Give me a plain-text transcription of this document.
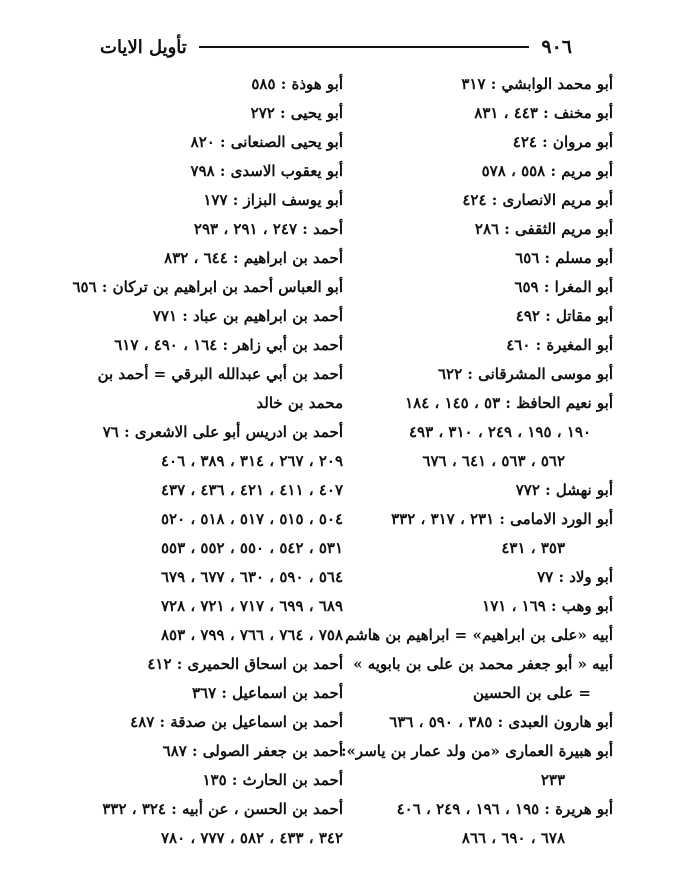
٩٠٦
تأويل الايات
أبو محمد الوابشي : ٣١٧
أبو مخنف : ٤٤٣ ، ٨٣١
أبو مروان : ٤٢٤
أبو مريم : ٥٥٨ ، ٥٧٨
أبو مريم الانصارى : ٤٢٤
أبو مريم الثقفى : ٢٨٦
أبو مسلم : ٦٥٦
أبو المغرا : ٦٥٩
أبو مقاتل : ٤٩٢
أبو المغيرة : ٤٦٠
أبو موسى المشرقانى : ٦٢٢
أبو نعيم الحافظ : ٥٣ ، ١٤٥ ، ١٨٤
١٩٠ ، ١٩٥ ، ٢٤٩ ، ٣١٠ ، ٤٩٣
٥٦٢ ، ٥٦٣ ، ٦٤١ ، ٦٧٦
أبو نهشل : ٧٧٢
أبو الورد الامامى : ٢٣١ ، ٣١٧ ، ٣٣٢
٣٥٣ ، ٤٣١
أبو ولاد : ٧٧
أبو وهب : ١٦٩ ، ١٧١
أبيه «على بن ابراهيم» = ابراهيم بن هاشم
أبيه « أبو جعفر محمد بن على بن بابويه »
= على بن الحسين
أبو هارون العبدى : ٣٨٥ ، ٥٩٠ ، ٦٣٦
أبو هبيرة العمارى «من ولد عمار بن ياسر»:
٢٣٣
أبو هريرة : ١٩٥ ، ١٩٦ ، ٢٤٩ ، ٤٠٦
٦٧٨ ، ٦٩٠ ، ٨٦٦
أبو هوذة : ٥٨٥
أبو يحيى : ٢٧٢
أبو يحيى الصنعانى : ٨٢٠
أبو يعقوب الاسدى : ٧٩٨
أبو يوسف البزاز : ١٧٧
أحمد : ٢٤٧ ، ٢٩١ ، ٢٩٣
أحمد بن ابراهيم : ٦٤٤ ، ٨٣٢
أبو العباس أحمد بن ابراهيم بن تركان : ٦٥٦
أحمد بن ابراهيم بن عباد : ٧٧١
أحمد بن أبي زاهر : ١٦٤ ، ٤٩٠ ، ٦١٧
أحمد بن أبي عبدالله البرقي = أحمد بن
محمد بن خالد
أحمد بن ادريس أبو على الاشعرى : ٧٦
٢٠٩ ، ٢٦٧ ، ٣١٤ ، ٣٨٩ ، ٤٠٦
٤٠٧ ، ٤١١ ، ٤٢١ ، ٤٣٦ ، ٤٣٧
٥٠٤ ، ٥١٥ ، ٥١٧ ، ٥١٨ ، ٥٢٠
٥٣١ ، ٥٤٢ ، ٥٥٠ ، ٥٥٢ ، ٥٥٣
٥٦٤ ، ٥٩٠ ، ٦٣٠ ، ٦٧٧ ، ٦٧٩
٦٨٩ ، ٦٩٩ ، ٧١٧ ، ٧٢١ ، ٧٢٨
٧٥٨ ، ٧٦٤ ، ٧٦٦ ، ٧٩٩ ، ٨٥٣
أحمد بن اسحاق الحميرى : ٤١٢
أحمد بن اسماعيل : ٣٦٧
أحمد بن اسماعيل بن صدقة : ٤٨٧
أحمد بن جعفر الصولى : ٦٨٧
أحمد بن الحارث : ١٣٥
أحمد بن الحسن ، عن أبيه : ٣٢٤ ، ٣٣٢
٣٤٢ ، ٤٣٣ ، ٥٨٢ ، ٧٧٧ ، ٧٨٠
